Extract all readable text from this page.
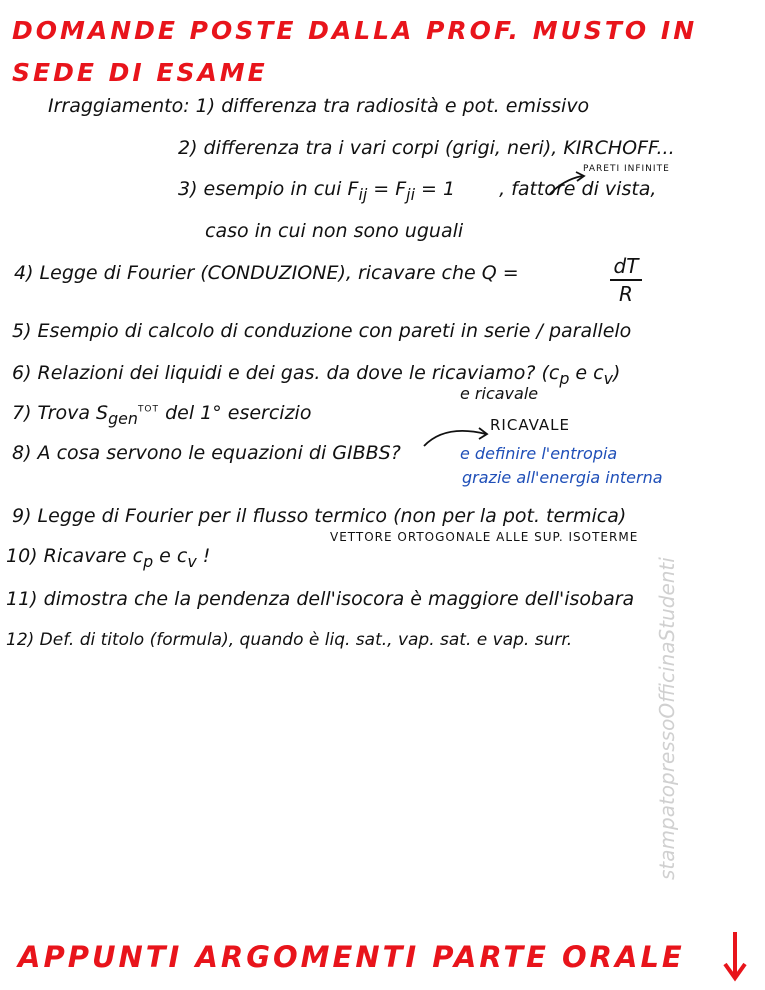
DOMANDE POSTE DALLA PROF. MUSTO IN SEDE DI ESAME
Irraggiamento: 1) differenza tra radiosità e pot. emissivo
2) differenza tra i vari corpi (grigi, neri), KIRCHOFF...
3) esempio in cui $F_{ij} = F_{ji} = 1$ , fattore di vista,
PARETI INFINITE
caso in cui non sono uguali
4) Legge di Fourier (CONDUZIONE), ricavare che Q =	dT
R
5) Esempio di calcolo di conduzione con pareti in serie / parallelo
6) Relazioni dei liquidi e dei gas. da dove le ricaviamo? ($c_p$ e $c_v$)
e ricavale
7) Trova $S_{gen}^{TOT}$ del 1° esercizio
RICAVALE
8) A cosa servono le equazioni di GIBBS?	e definire l'entropia
grazie all'energia interna
9) Legge di Fourier per il flusso termico (non per la pot. termica)
VETTORE ORTOGONALE ALLE SUP. ISOTERME
10) Ricavare $c_p$ e $c_v$ !
11) dimostra che la pendenza dell'isocora è maggiore dell'isobara
12) Def. di titolo (formula), quando è liq. sat., vap. sat. e vap. surr.	stampatopressoOfficinaStudenti
APPUNTI ARGOMENTI PARTE ORALE
